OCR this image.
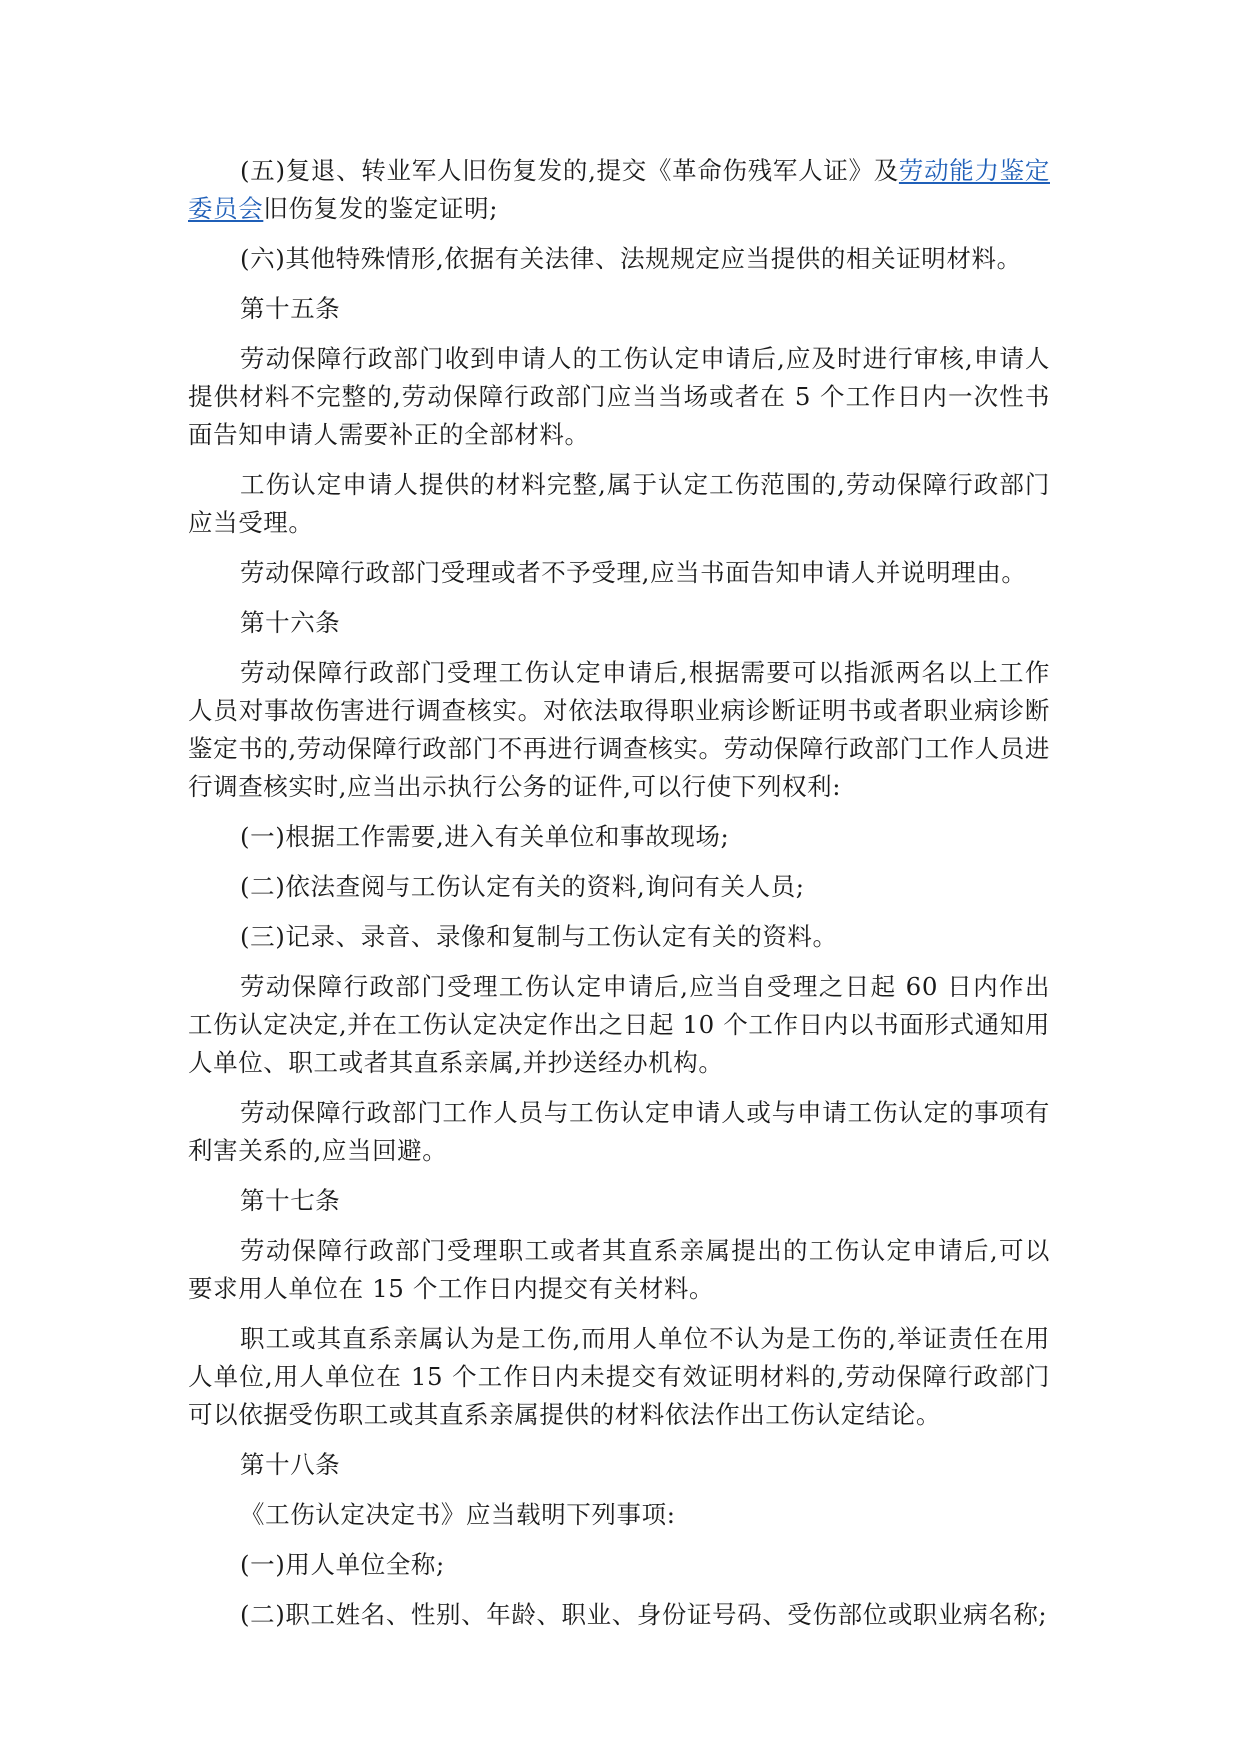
(五)复退、转业军人旧伤复发的,提交《革命伤残军人证》及劳动能力鉴定委员会旧伤复发的鉴定证明;

(六)其他特殊情形,依据有关法律、法规规定应当提供的相关证明材料。

第十五条

劳动保障行政部门收到申请人的工伤认定申请后,应及时进行审核,申请人提供材料不完整的,劳动保障行政部门应当当场或者在 5 个工作日内一次性书面告知申请人需要补正的全部材料。

工伤认定申请人提供的材料完整,属于认定工伤范围的,劳动保障行政部门应当受理。

劳动保障行政部门受理或者不予受理,应当书面告知申请人并说明理由。

第十六条

劳动保障行政部门受理工伤认定申请后,根据需要可以指派两名以上工作人员对事故伤害进行调查核实。对依法取得职业病诊断证明书或者职业病诊断鉴定书的,劳动保障行政部门不再进行调查核实。劳动保障行政部门工作人员进行调查核实时,应当出示执行公务的证件,可以行使下列权利:

(一)根据工作需要,进入有关单位和事故现场;

(二)依法查阅与工伤认定有关的资料,询问有关人员;

(三)记录、录音、录像和复制与工伤认定有关的资料。

劳动保障行政部门受理工伤认定申请后,应当自受理之日起 60 日内作出工伤认定决定,并在工伤认定决定作出之日起 10 个工作日内以书面形式通知用人单位、职工或者其直系亲属,并抄送经办机构。

劳动保障行政部门工作人员与工伤认定申请人或与申请工伤认定的事项有利害关系的,应当回避。

第十七条

劳动保障行政部门受理职工或者其直系亲属提出的工伤认定申请后,可以要求用人单位在 15 个工作日内提交有关材料。

职工或其直系亲属认为是工伤,而用人单位不认为是工伤的,举证责任在用人单位,用人单位在 15 个工作日内未提交有效证明材料的,劳动保障行政部门可以依据受伤职工或其直系亲属提供的材料依法作出工伤认定结论。

第十八条

《工伤认定决定书》应当载明下列事项:

(一)用人单位全称;

(二)职工姓名、性别、年龄、职业、身份证号码、受伤部位或职业病名称;
